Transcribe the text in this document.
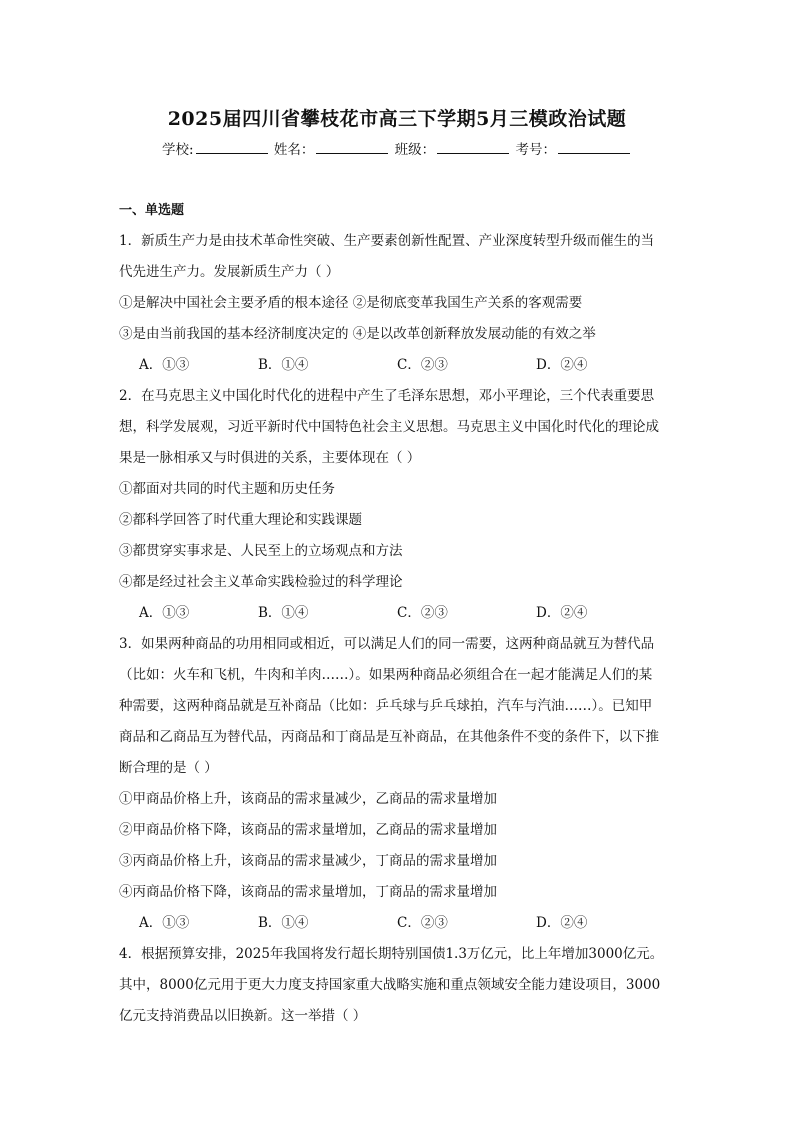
2025届四川省攀枝花市高三下学期5月三模政治试题
学校:	姓名：	班级：	考号：
一、单选题
1．新质生产力是由技术革命性突破、生产要素创新性配置、产业深度转型升级而催生的当
代先进生产力。发展新质生产力（ ）
①是解决中国社会主要矛盾的根本途径 ②是彻底变革我国生产关系的客观需要
③是由当前我国的基本经济制度决定的 ④是以改革创新释放发展动能的有效之举
A．①③	B．①④	C．②③	D．②④
2．在马克思主义中国化时代化的进程中产生了毛泽东思想，邓小平理论，三个代表重要思
想，科学发展观，习近平新时代中国特色社会主义思想。马克思主义中国化时代化的理论成
果是一脉相承又与时俱进的关系，主要体现在（ ）
①都面对共同的时代主题和历史任务
②都科学回答了时代重大理论和实践课题
③都贯穿实事求是、人民至上的立场观点和方法
④都是经过社会主义革命实践检验过的科学理论
A．①③	B．①④	C．②③	D．②④
3．如果两种商品的功用相同或相近，可以满足人们的同一需要，这两种商品就互为替代品
（比如：火车和飞机，牛肉和羊肉……）。如果两种商品必须组合在一起才能满足人们的某
种需要，这两种商品就是互补商品（比如：乒乓球与乒乓球拍，汽车与汽油……）。已知甲
商品和乙商品互为替代品，丙商品和丁商品是互补商品，在其他条件不变的条件下，以下推
断合理的是（ ）
①甲商品价格上升，该商品的需求量减少，乙商品的需求量增加
②甲商品价格下降，该商品的需求量增加，乙商品的需求量增加
③丙商品价格上升，该商品的需求量减少，丁商品的需求量增加
④丙商品价格下降，该商品的需求量增加，丁商品的需求量增加
A．①③	B．①④	C．②③	D．②④
4．根据预算安排，2025年我国将发行超长期特别国债1.3万亿元，比上年增加3000亿元。
其中，8000亿元用于更大力度支持国家重大战略实施和重点领域安全能力建设项目，3000
亿元支持消费品以旧换新。这一举措（ ）
